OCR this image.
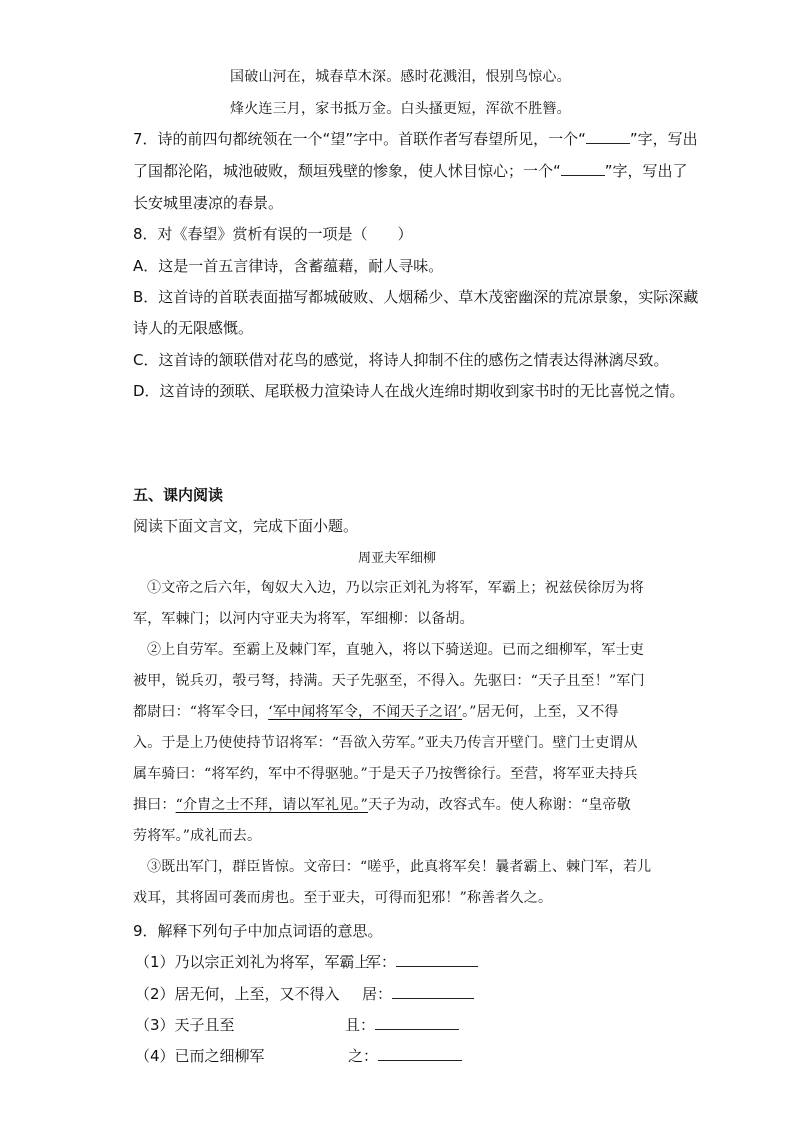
国破山河在，城春草木深。感时花溅泪，恨别鸟惊心。
烽火连三月，家书抵万金。白头搔更短，浑欲不胜簪。
7．诗的前四句都统领在一个“望”字中。首联作者写春望所见，一个“	”字，写出
了国都沦陷，城池破败，颓垣残壁的惨象，使人怵目惊心；一个“	”字，写出了
长安城里凄凉的春景。
8．对《春望》赏析有误的一项是（　　）
A．这是一首五言律诗，含蓄蕴藉，耐人寻味。
B．这首诗的首联表面描写都城破败、人烟稀少、草木茂密幽深的荒凉景象，实际深藏
诗人的无限感慨。
C．这首诗的颔联借对花鸟的感觉，将诗人抑制不住的感伤之情表达得淋漓尽致。
D．这首诗的颈联、尾联极力渲染诗人在战火连绵时期收到家书时的无比喜悦之情。
五、课内阅读
阅读下面文言文，完成下面小题。
周亚夫军细柳
①文帝之后六年，匈奴大入边，乃以宗正刘礼为将军，军霸上；祝兹侯徐厉为将
军，军棘门；以河内守亚夫为将军，军细柳：以备胡。
②上自劳军。至霸上及棘门军，直驰入，将以下骑送迎。已而之细柳军，军士吏
被甲，锐兵刃，彀弓弩，持满。天子先驱至，不得入。先驱曰：“天子且至！”军门
都尉曰：“将军令曰，‘军中闻将军令，不闻天子之诏’。”居无何，上至，又不得
入。于是上乃使使持节诏将军：“吾欲入劳军。”亚夫乃传言开壁门。壁门士吏谓从
属车骑曰：“将军约，军中不得驱驰。”于是天子乃按辔徐行。至营，将军亚夫持兵
揖曰：“介胄之士不拜，请以军礼见。”天子为动，改容式车。使人称谢：“皇帝敬
劳将军。”成礼而去。
③既出军门，群臣皆惊。文帝曰：“嗟乎，此真将军矣！曩者霸上、棘门军，若儿
戏耳，其将固可袭而虏也。至于亚夫，可得而犯邪！”称善者久之。
9．解释下列句子中加点词语的意思。
（1）乃以宗正刘礼为将军，军霸上
军：
（2）居无何，上至，又不得入 居：
（3）天子且至	且：
（4）已而之细柳军	之：
